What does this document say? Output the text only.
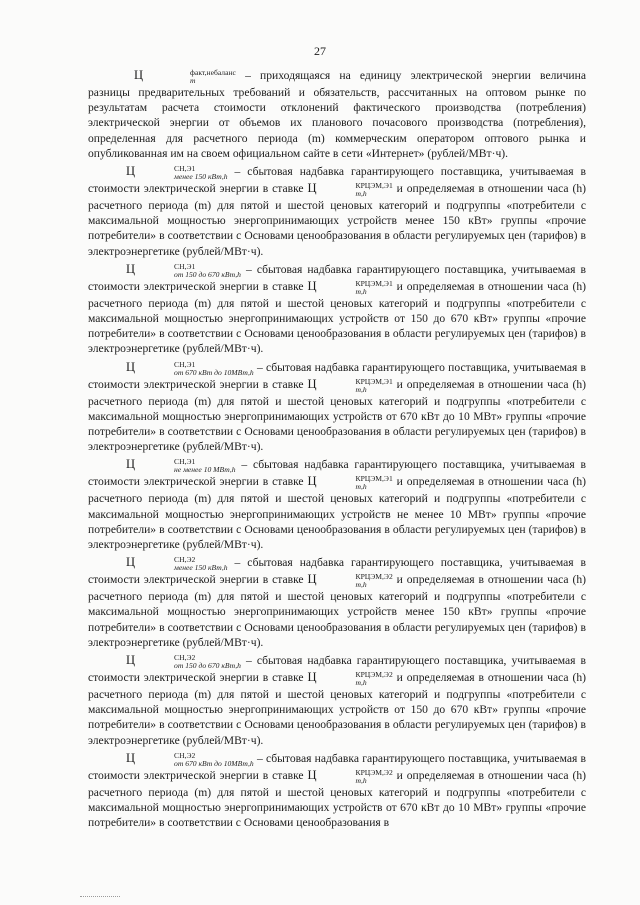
27

Ц	факт,небаланс
m	– приходящаяся на единицу электрической энергии величина разницы предварительных требований и обязательств, рассчитанных на оптовом рынке по результатам расчета стоимости отклонений фактического производства (потребления) электрической энергии от объемов их планового почасового производства (потребления), определенная для расчетного периода (m) коммерческим оператором оптового рынка и опубликованная им на своем официальном сайте в сети «Интернет» (рублей/МВт·ч).

Ц	СН,Э1
менее 150 кВт,h – сбытовая надбавка гарантирующего поставщика, учитываемая в стоимости электрической энергии в ставке Ц	КРЦЭМ,Э1
m,h	и определяемая в отношении часа (h) расчетного периода (m) для пятой и шестой ценовых категорий и подгруппы «потребители с максимальной мощностью энергопринимающих устройств менее 150 кВт» группы «прочие потребители» в соответствии с Основами ценообразования в области регулируемых цен (тарифов) в электроэнергетике (рублей/МВт·ч).

Ц	СН,Э1
от 150 до 670 кВт,h – сбытовая надбавка гарантирующего поставщика, учитываемая в стоимости электрической энергии в ставке Ц	КРЦЭМ,Э1
m,h	и определяемая в отношении часа (h) расчетного периода (m) для пятой и шестой ценовых категорий и подгруппы «потребители с максимальной мощностью энергопринимающих устройств от 150 до 670 кВт» группы «прочие потребители» в соответствии с Основами ценообразования в области регулируемых цен (тарифов) в электроэнергетике (рублей/МВт·ч).

Ц	СН,Э1
от 670 кВт до 10МВт,h – сбытовая надбавка гарантирующего поставщика, учитываемая в стоимости электрической энергии в ставке Ц	КРЦЭМ,Э1
m,h	и определяемая в отношении часа (h) расчетного периода (m) для пятой и шестой ценовых категорий и подгруппы «потребители с максимальной мощностью энергопринимающих устройств от 670 кВт до 10 МВт» группы «прочие потребители» в соответствии с Основами ценообразования в области регулируемых цен (тарифов) в электроэнергетике (рублей/МВт·ч).

Ц	СН,Э1
не менее 10 МВт,h – сбытовая надбавка гарантирующего поставщика, учитываемая в стоимости электрической энергии в ставке Ц	КРЦЭМ,Э1
m,h	и определяемая в отношении часа (h) расчетного периода (m) для пятой и шестой ценовых категорий и подгруппы «потребители с максимальной мощностью энергопринимающих устройств не менее 10 МВт» группы «прочие потребители» в соответствии с Основами ценообразования в области регулируемых цен (тарифов) в электроэнергетике (рублей/МВт·ч).

Ц	СН,Э2
менее 150 кВт,h – сбытовая надбавка гарантирующего поставщика, учитываемая в стоимости электрической энергии в ставке Ц	КРЦЭМ,Э2
m,h	и определяемая в отношении часа (h) расчетного периода (m) для пятой и шестой ценовых категорий и подгруппы «потребители с максимальной мощностью энергопринимающих устройств менее 150 кВт» группы «прочие потребители» в соответствии с Основами ценообразования в области регулируемых цен (тарифов) в электроэнергетике (рублей/МВт·ч).

Ц	СН,Э2
от 150 до 670 кВт,h – сбытовая надбавка гарантирующего поставщика, учитываемая в стоимости электрической энергии в ставке Ц	КРЦЭМ,Э2
m,h	и определяемая в отношении часа (h) расчетного периода (m) для пятой и шестой ценовых категорий и подгруппы «потребители с максимальной мощностью энергопринимающих устройств от 150 до 670 кВт» группы «прочие потребители» в соответствии с Основами ценообразования в области регулируемых цен (тарифов) в электроэнергетике (рублей/МВт·ч).

Ц	СН,Э2
от 670 кВт до 10МВт,h – сбытовая надбавка гарантирующего поставщика, учитываемая в стоимости электрической энергии в ставке Ц	КРЦЭМ,Э2
m,h	и определяемая в отношении часа (h) расчетного периода (m) для пятой и шестой ценовых категорий и подгруппы «потребители с максимальной мощностью энергопринимающих устройств от 670 кВт до 10 МВт» группы «прочие потребители» в соответствии с Основами ценообразования в
